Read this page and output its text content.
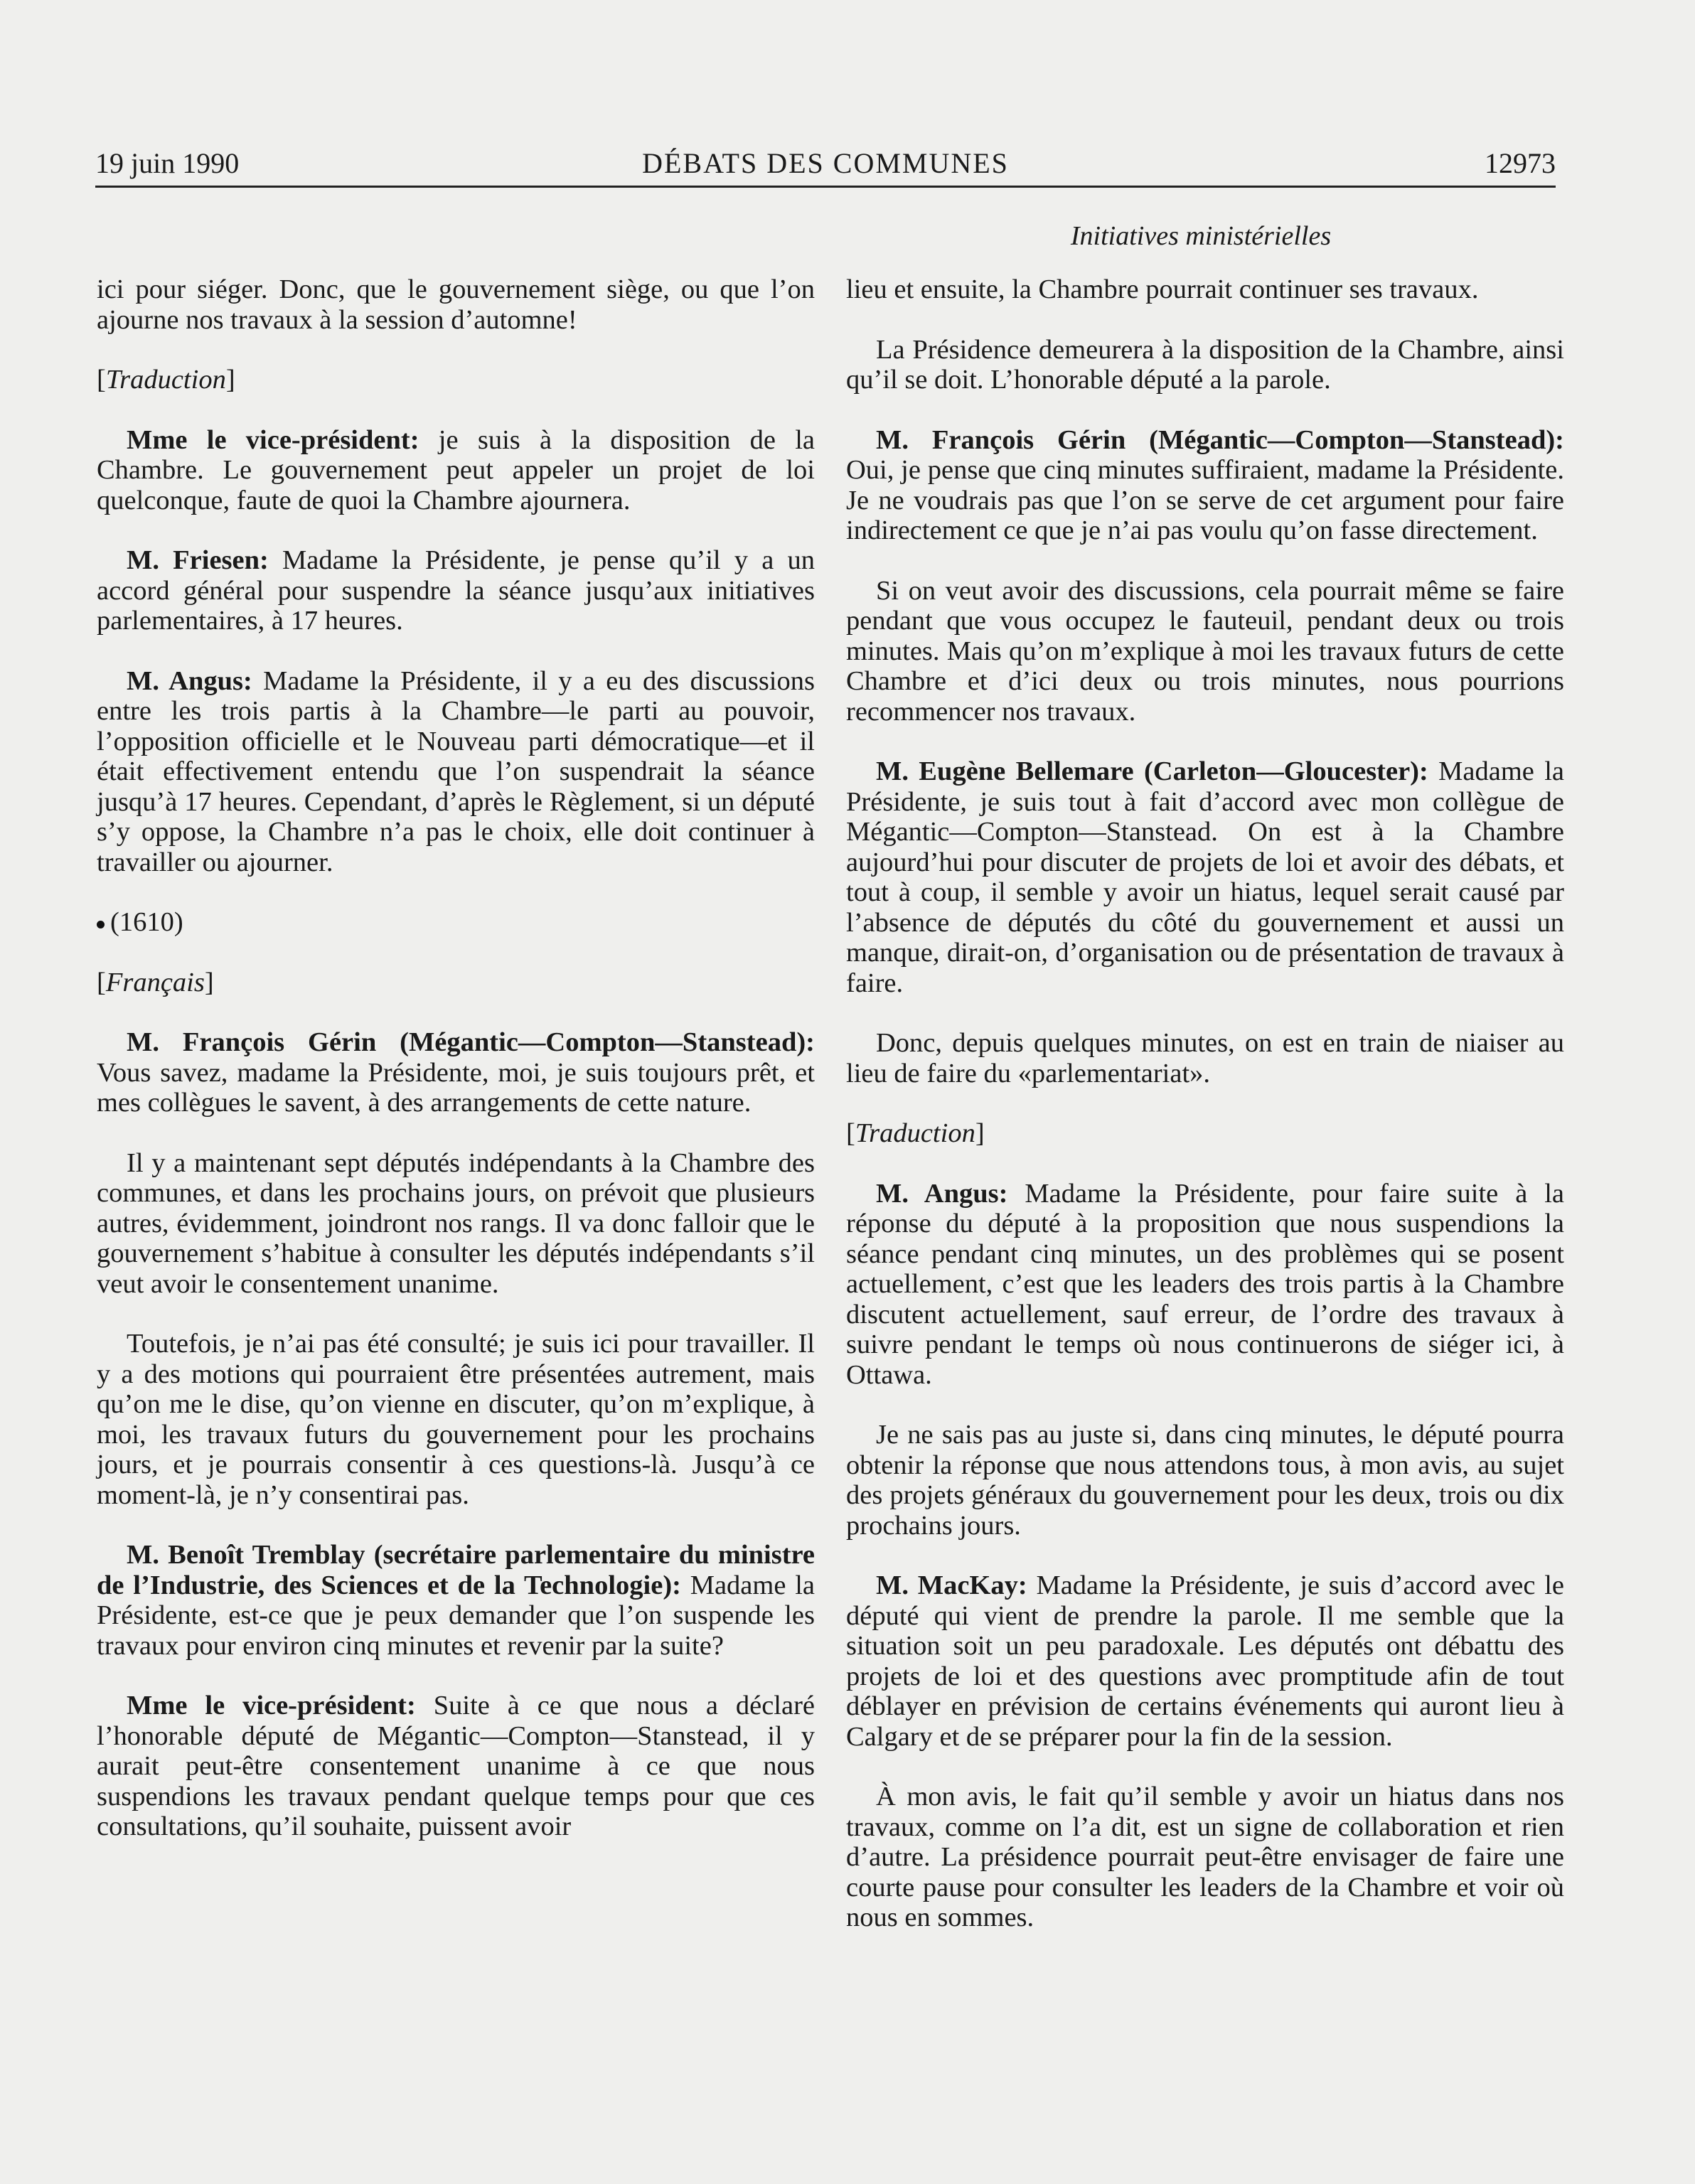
19 juin 1990	DÉBATS DES COMMUNES	12973
Initiatives ministérielles

ici pour siéger. Donc, que le gouvernement siège, ou que l’on ajourne nos travaux à la session d’automne!

[Traduction]

Mme le vice-président: je suis à la disposition de la Chambre. Le gouvernement peut appeler un projet de loi quelconque, faute de quoi la Chambre ajournera.

M. Friesen: Madame la Présidente, je pense qu’il y a un accord général pour suspendre la séance jusqu’aux initiatives parlementaires, à 17 heures.

M. Angus: Madame la Présidente, il y a eu des discussions entre les trois partis à la Chambre—le parti au pouvoir, l’opposition officielle et le Nouveau parti démocratique—et il était effectivement entendu que l’on suspendrait la séance jusqu’à 17 heures. Cependant, d’après le Règlement, si un député s’y oppose, la Chambre n’a pas le choix, elle doit continuer à travailler ou ajourner.

(1610)

[Français]

M. François Gérin (Mégantic—Compton—Stanstead): Vous savez, madame la Présidente, moi, je suis toujours prêt, et mes collègues le savent, à des arrangements de cette nature.

Il y a maintenant sept députés indépendants à la Chambre des communes, et dans les prochains jours, on prévoit que plusieurs autres, évidemment, joindront nos rangs. Il va donc falloir que le gouvernement s’habitue à consulter les députés indépendants s’il veut avoir le consentement unanime.

Toutefois, je n’ai pas été consulté; je suis ici pour travailler. Il y a des motions qui pourraient être présentées autrement, mais qu’on me le dise, qu’on vienne en discuter, qu’on m’explique, à moi, les travaux futurs du gouvernement pour les prochains jours, et je pourrais consentir à ces questions-là. Jusqu’à ce moment-là, je n’y consentirai pas.

M. Benoît Tremblay (secrétaire parlementaire du ministre de l’Industrie, des Sciences et de la Technologie): Madame la Présidente, est-ce que je peux demander que l’on suspende les travaux pour environ cinq minutes et revenir par la suite?

Mme le vice-président: Suite à ce que nous a déclaré l’honorable député de Mégantic—Compton—Stanstead, il y aurait peut-être consentement unanime à ce que nous suspendions les travaux pendant quelque temps pour que ces consultations, qu’il souhaite, puissent avoir

lieu et ensuite, la Chambre pourrait continuer ses travaux.

La Présidence demeurera à la disposition de la Chambre, ainsi qu’il se doit. L’honorable député a la parole.

M. François Gérin (Mégantic—Compton—Stanstead): Oui, je pense que cinq minutes suffiraient, madame la Présidente. Je ne voudrais pas que l’on se serve de cet argument pour faire indirectement ce que je n’ai pas voulu qu’on fasse directement.

Si on veut avoir des discussions, cela pourrait même se faire pendant que vous occupez le fauteuil, pendant deux ou trois minutes. Mais qu’on m’explique à moi les travaux futurs de cette Chambre et d’ici deux ou trois minutes, nous pourrions recommencer nos travaux.

M. Eugène Bellemare (Carleton—Gloucester): Madame la Présidente, je suis tout à fait d’accord avec mon collègue de Mégantic—Compton—Stanstead. On est à la Chambre aujourd’hui pour discuter de projets de loi et avoir des débats, et tout à coup, il semble y avoir un hiatus, lequel serait causé par l’absence de députés du côté du gouvernement et aussi un manque, dirait-on, d’organisation ou de présentation de travaux à faire.

Donc, depuis quelques minutes, on est en train de niaiser au lieu de faire du «parlementariat».

[Traduction]

M. Angus: Madame la Présidente, pour faire suite à la réponse du député à la proposition que nous suspendions la séance pendant cinq minutes, un des problèmes qui se posent actuellement, c’est que les leaders des trois partis à la Chambre discutent actuellement, sauf erreur, de l’ordre des travaux à suivre pendant le temps où nous continuerons de siéger ici, à Ottawa.

Je ne sais pas au juste si, dans cinq minutes, le député pourra obtenir la réponse que nous attendons tous, à mon avis, au sujet des projets généraux du gouvernement pour les deux, trois ou dix prochains jours.

M. MacKay: Madame la Présidente, je suis d’accord avec le député qui vient de prendre la parole. Il me semble que la situation soit un peu paradoxale. Les députés ont débattu des projets de loi et des questions avec promptitude afin de tout déblayer en prévision de certains événements qui auront lieu à Calgary et de se préparer pour la fin de la session.

À mon avis, le fait qu’il semble y avoir un hiatus dans nos travaux, comme on l’a dit, est un signe de collaboration et rien d’autre. La présidence pourrait peut-être envisager de faire une courte pause pour consulter les leaders de la Chambre et voir où nous en sommes.
